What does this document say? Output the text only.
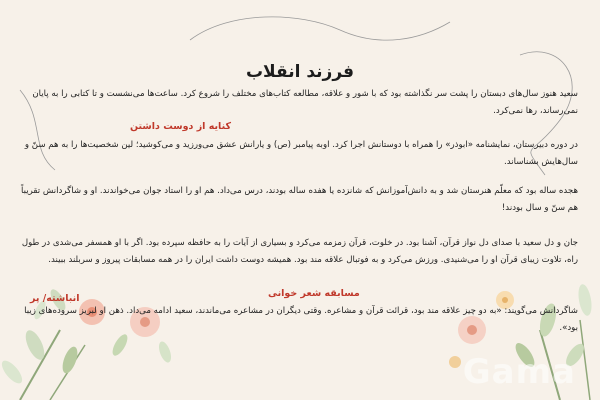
فرزند انقلاب
سعید هنوز سال‌های دبستان را پشت سر نگذاشته بود که با شور و علاقه، مطالعه کتاب‌های مختلف را شروع کرد. ساعت‌ها می‌نشست و تا کتابی را به پایان نمی‌رساند، رها نمی‌کرد.
کنایه از دوست داشتن
در دوره دبیرستان، نمایشنامه «ابوذر» را همراه با دوستانش اجرا کرد. اوبه پیامبر (ص) و یارانش عشق می‌ورزید و می‌کوشید؛ لین شخصیت‌ها را به هم سنّ و سال‌هایش بشناساند.
هجده ساله بود که معلّم هنرستان شد و به دانش‌آموزانش که شانزده یا هفده ساله بودند، درس می‌داد. هم او را استاد جوان می‌خواندند. او و شاگردانش تقریباً هم سنّ و سال بودند!
جان و دل سعید با صدای دل نواز قرآن، آشنا بود. در خلوت، قرآن زمزمه می‌کرد و بسیاری از آیات را به حافظه سپرده بود. اگر با او همسفر می‌شدی در طول راه، تلاوت زیبای قرآن او را می‌شنیدی. ورزش می‌کرد و به فوتبال علاقه مند بود. همیشه دوست داشت ایران را در همه مسابقات پیروز و سربلند ببیند.
مسابقه شعر خوانی
انباشته/ پر
شاگردانش می‌گویند: «به دو چیز علاقه مند بود، قرائت قرآن و مشاعره. وقتی دیگران در مشاعره می‌ماندند، سعید ادامه می‌داد. ذهن او لبریز سروده‌های زیبا بود».
Gama
